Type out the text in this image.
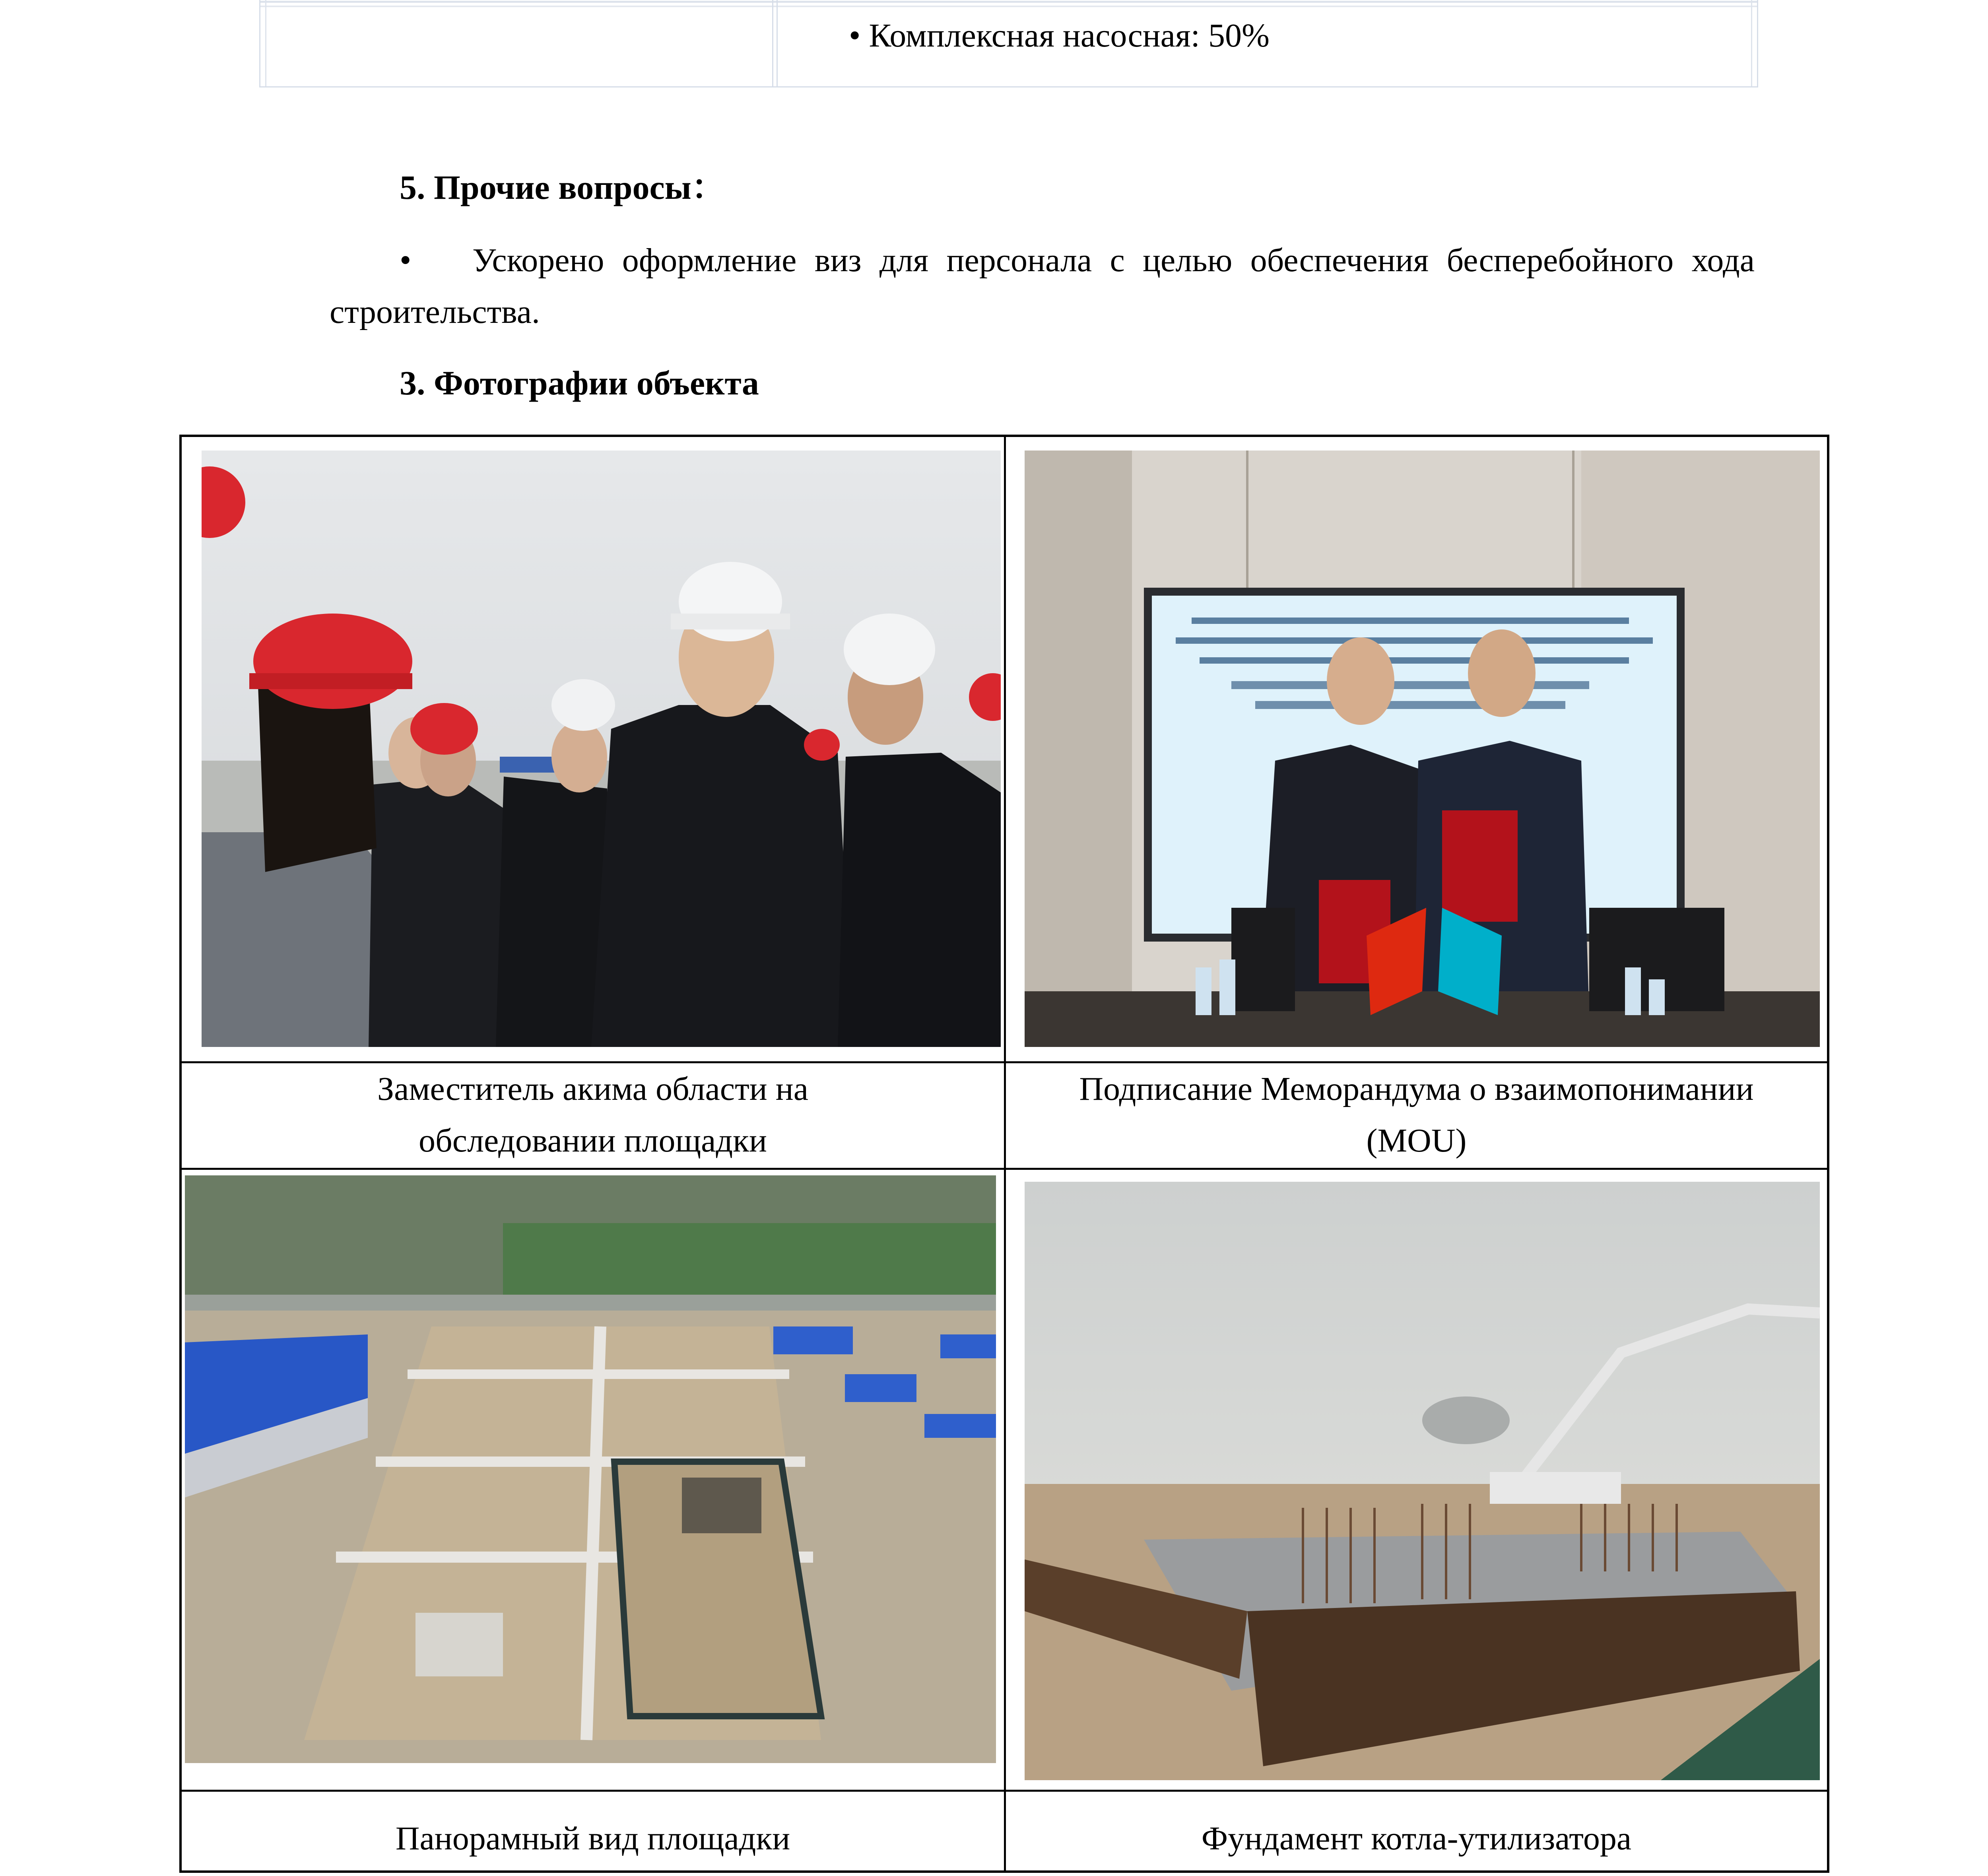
• Комплексная насосная: 50%
5. Прочие вопросы：
• Ускорено оформление виз для персонала с целью обеспечения бесперебойного хода
строительства.
3. Фотографии объекта
Заместитель акима области на
обследовании площадки
Подписание Меморандума о взаимопонимании
(MOU)
Панорамный вид площадки	Фундамент котла-утилизатора
